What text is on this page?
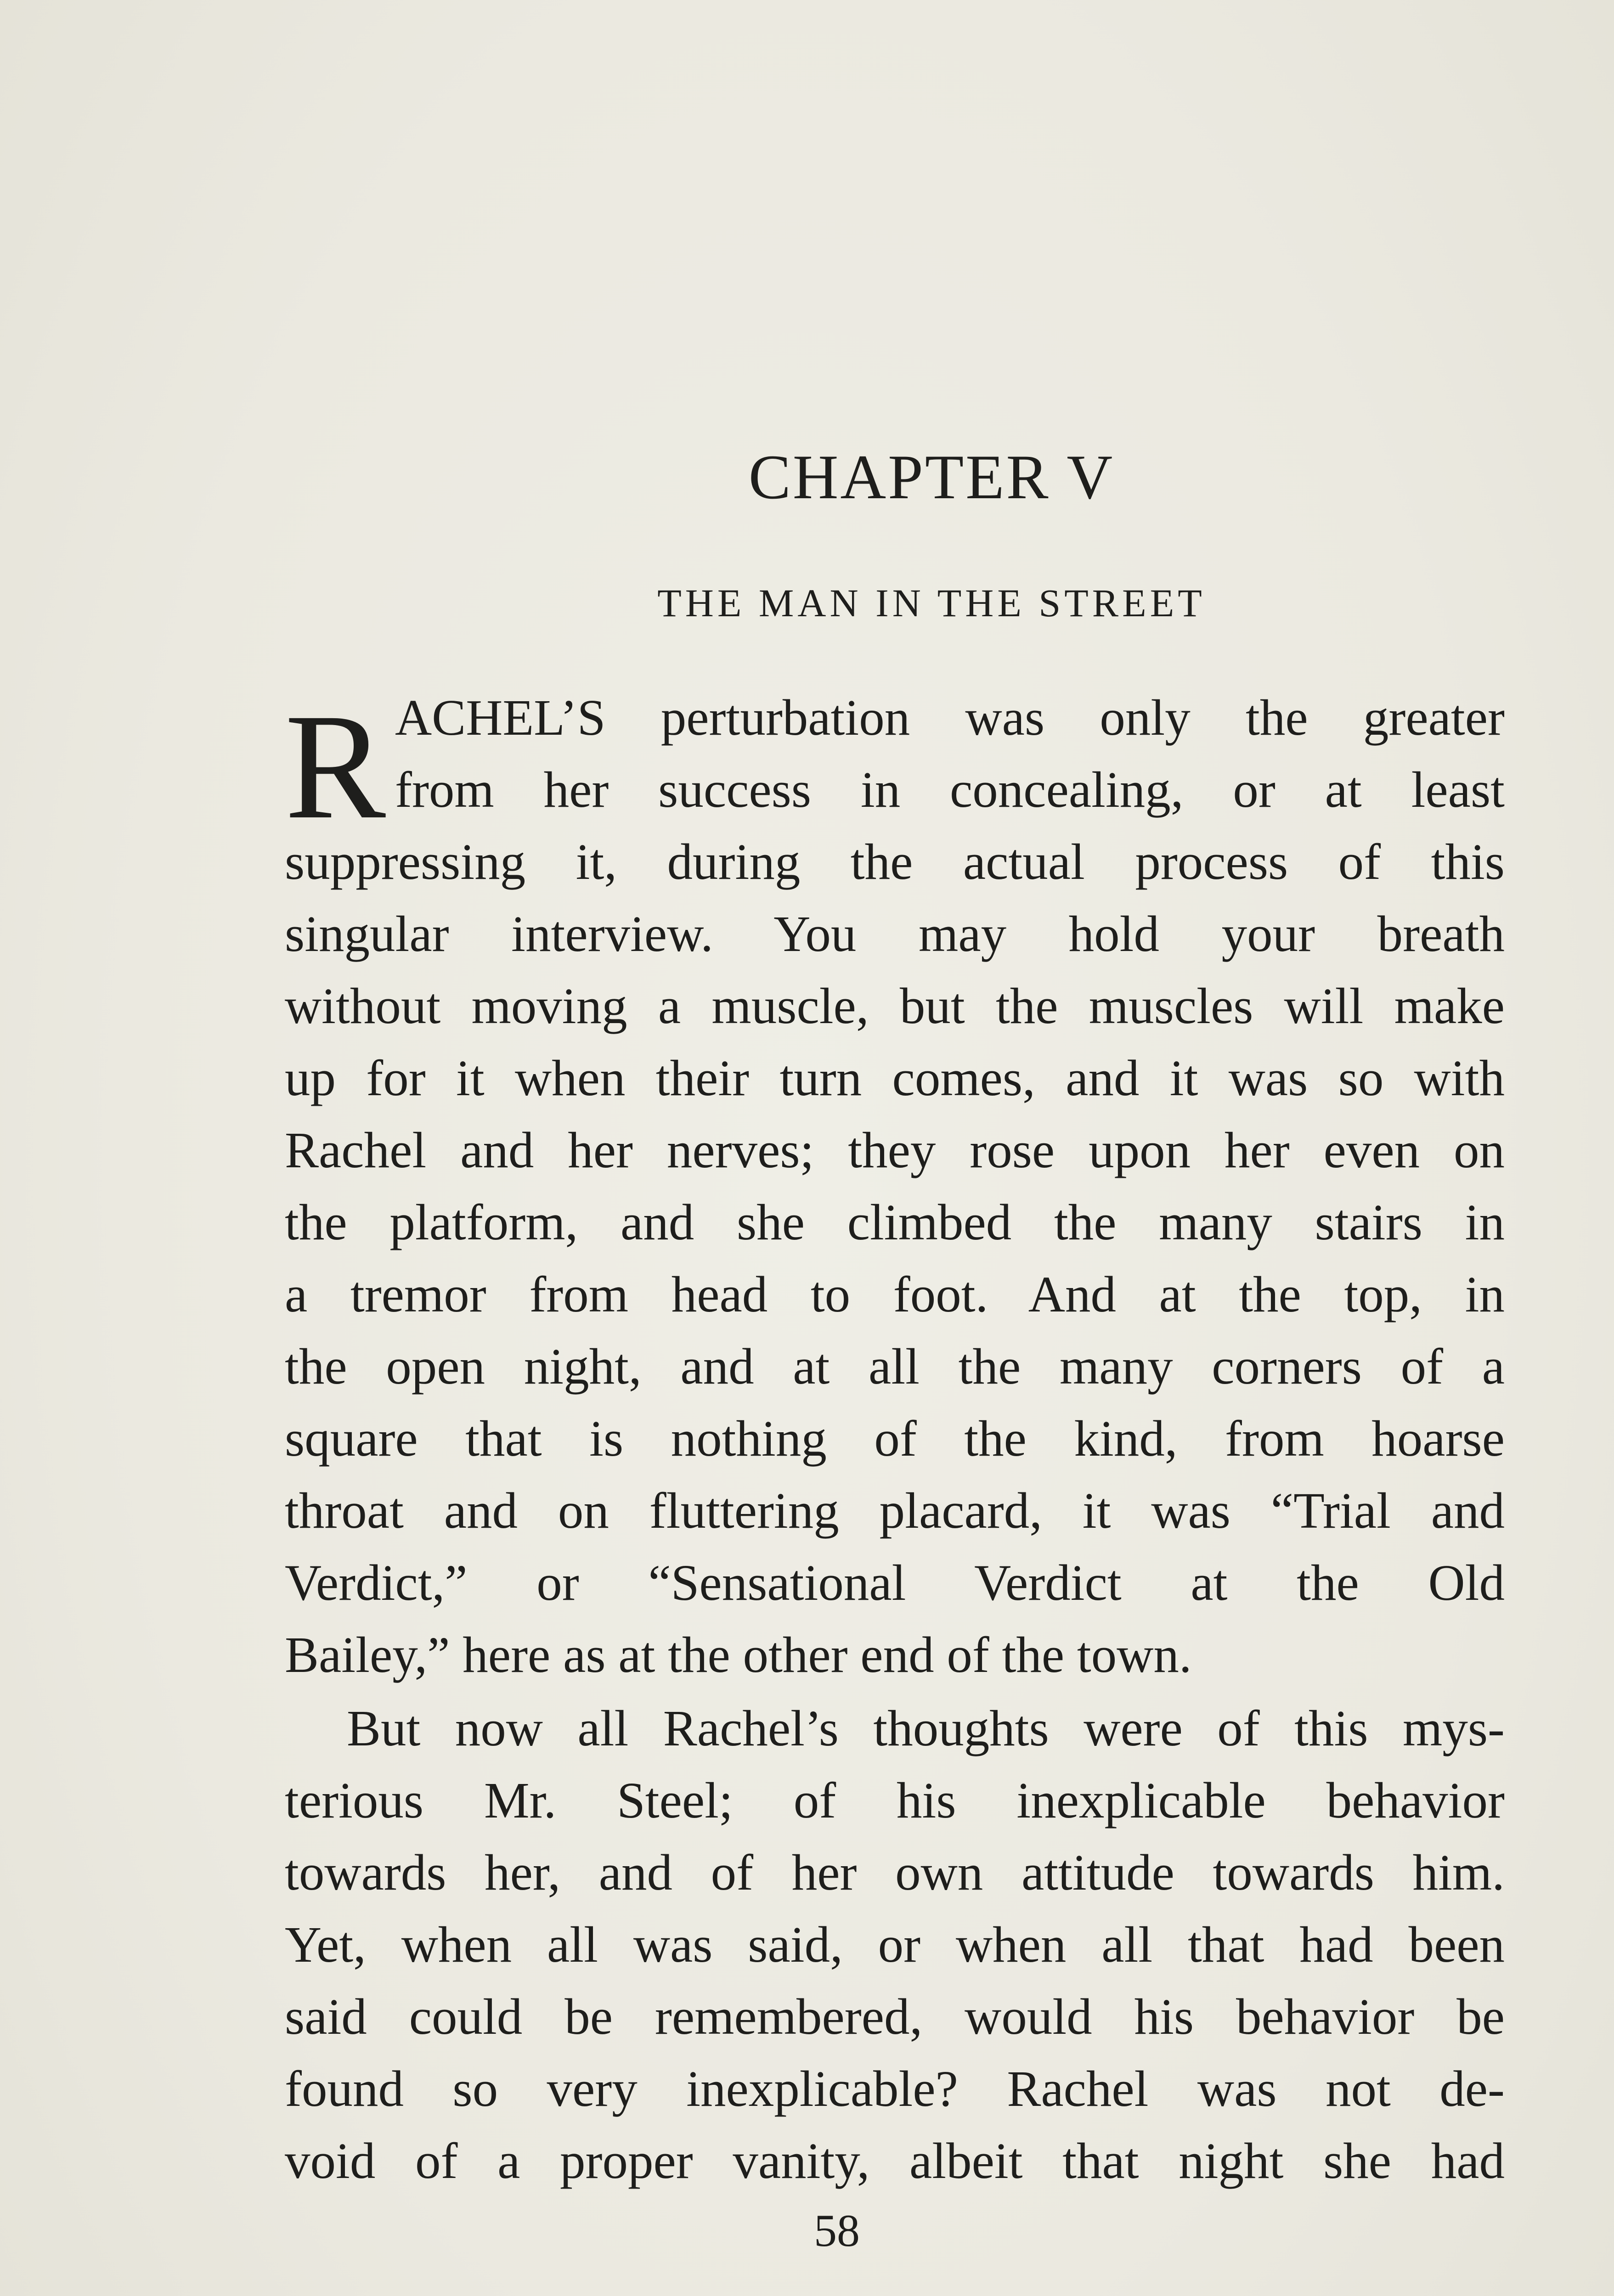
CHAPTER V
THE MAN IN THE STREET
R ACHEL’S perturbation was only the greater
from her success in concealing, or at least
suppressing it, during the actual process of this
singular interview. You may hold your breath
without moving a muscle, but the muscles will make
up for it when their turn comes, and it was so with
Rachel and her nerves; they rose upon her even on
the platform, and she climbed the many stairs in
a tremor from head to foot. And at the top, in
the open night, and at all the many corners of a
square that is nothing of the kind, from hoarse
throat and on fluttering placard, it was “Trial and
Verdict,” or “Sensational Verdict at the Old
Bailey,” here as at the other end of the town.
But now all Rachel’s thoughts were of this mys-
terious Mr. Steel; of his inexplicable behavior
towards her, and of her own attitude towards him.
Yet, when all was said, or when all that had been
said could be remembered, would his behavior be
found so very inexplicable? Rachel was not de-
void of a proper vanity, albeit that night she had
58
